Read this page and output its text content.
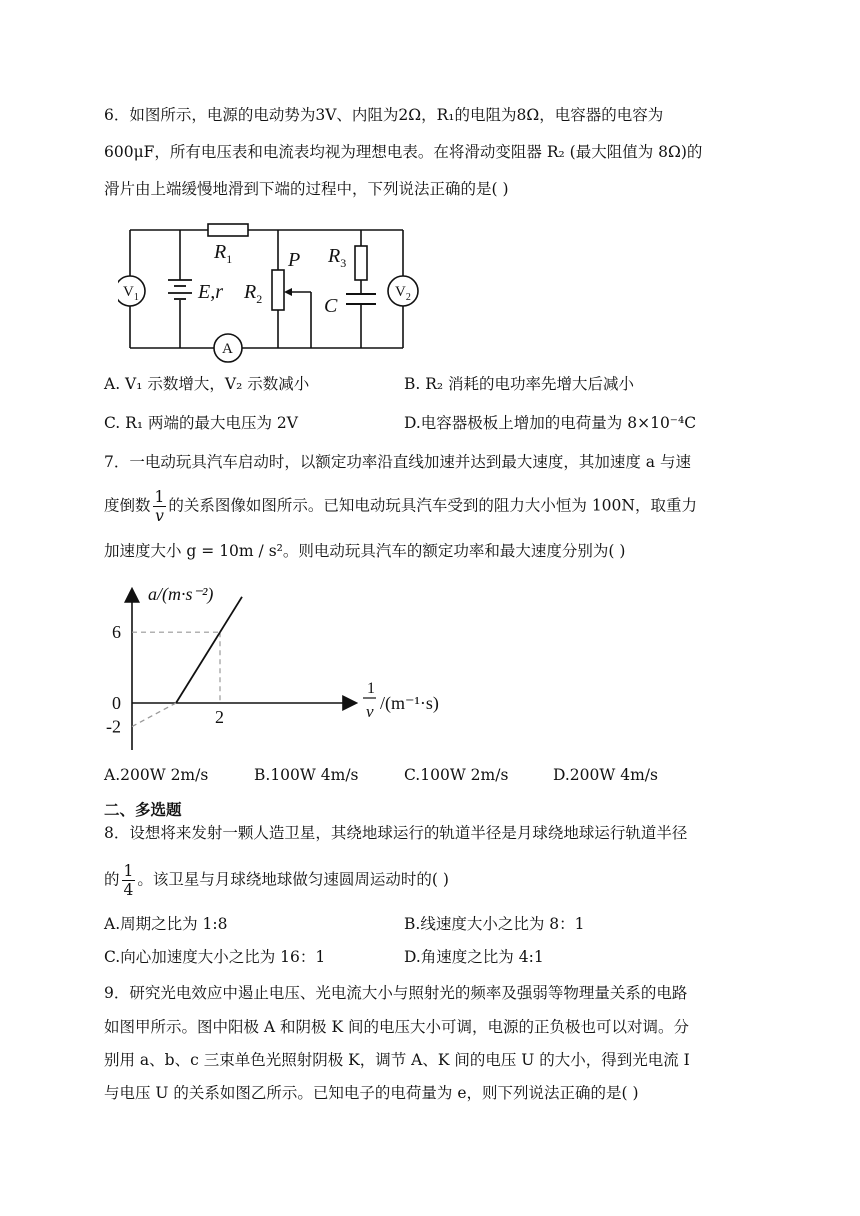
6．如图所示，电源的电动势为3V、内阻为2Ω，R₁的电阻为8Ω，电容器的电容为
600μF，所有电压表和电流表均视为理想电表。在将滑动变阻器 R₂ (最大阻值为 8Ω)的
滑片由上端缓慢地滑到下端的过程中，下列说法正确的是( )
$R_1$
$R_2$
$R_3$
P
C
E,r
$V_1$	$V_2$
A
A. V₁ 示数增大，V₂ 示数减小	B. R₂ 消耗的电功率先增大后减小
C. R₁ 两端的最大电压为 2V	D.电容器极板上增加的电荷量为 8×10⁻⁴C
7．一电动玩具汽车启动时，以额定功率沿直线加速并达到最大速度，其加速度 a 与速
度倒数 $\frac{1}{v}$ 的关系图像如图所示。已知电动玩具汽车受到的阻力大小恒为 100N，取重力
加速度大小 g = 10m / s²。则电动玩具汽车的额定功率和最大速度分别为( )
a/(m·s⁻²)
6
0
-2	2
1
v /(m⁻¹·s)
A.200W 2m/s	B.100W 4m/s	C.100W 2m/s	D.200W 4m/s
二、多选题
8．设想将来发射一颗人造卫星，其绕地球运行的轨道半径是月球绕地球运行轨道半径
的 $\frac{1}{4}$ 。该卫星与月球绕地球做匀速圆周运动时的( )
A.周期之比为 1:8	B.线速度大小之比为 8：1
C.向心加速度大小之比为 16：1	D.角速度之比为 4:1
9．研究光电效应中遏止电压、光电流大小与照射光的频率及强弱等物理量关系的电路
如图甲所示。图中阳极 A 和阴极 K 间的电压大小可调，电源的正负极也可以对调。分
别用 a、b、c 三束单色光照射阴极 K，调节 A、K 间的电压 U 的大小，得到光电流 I
与电压 U 的关系如图乙所示。已知电子的电荷量为 e，则下列说法正确的是( )
